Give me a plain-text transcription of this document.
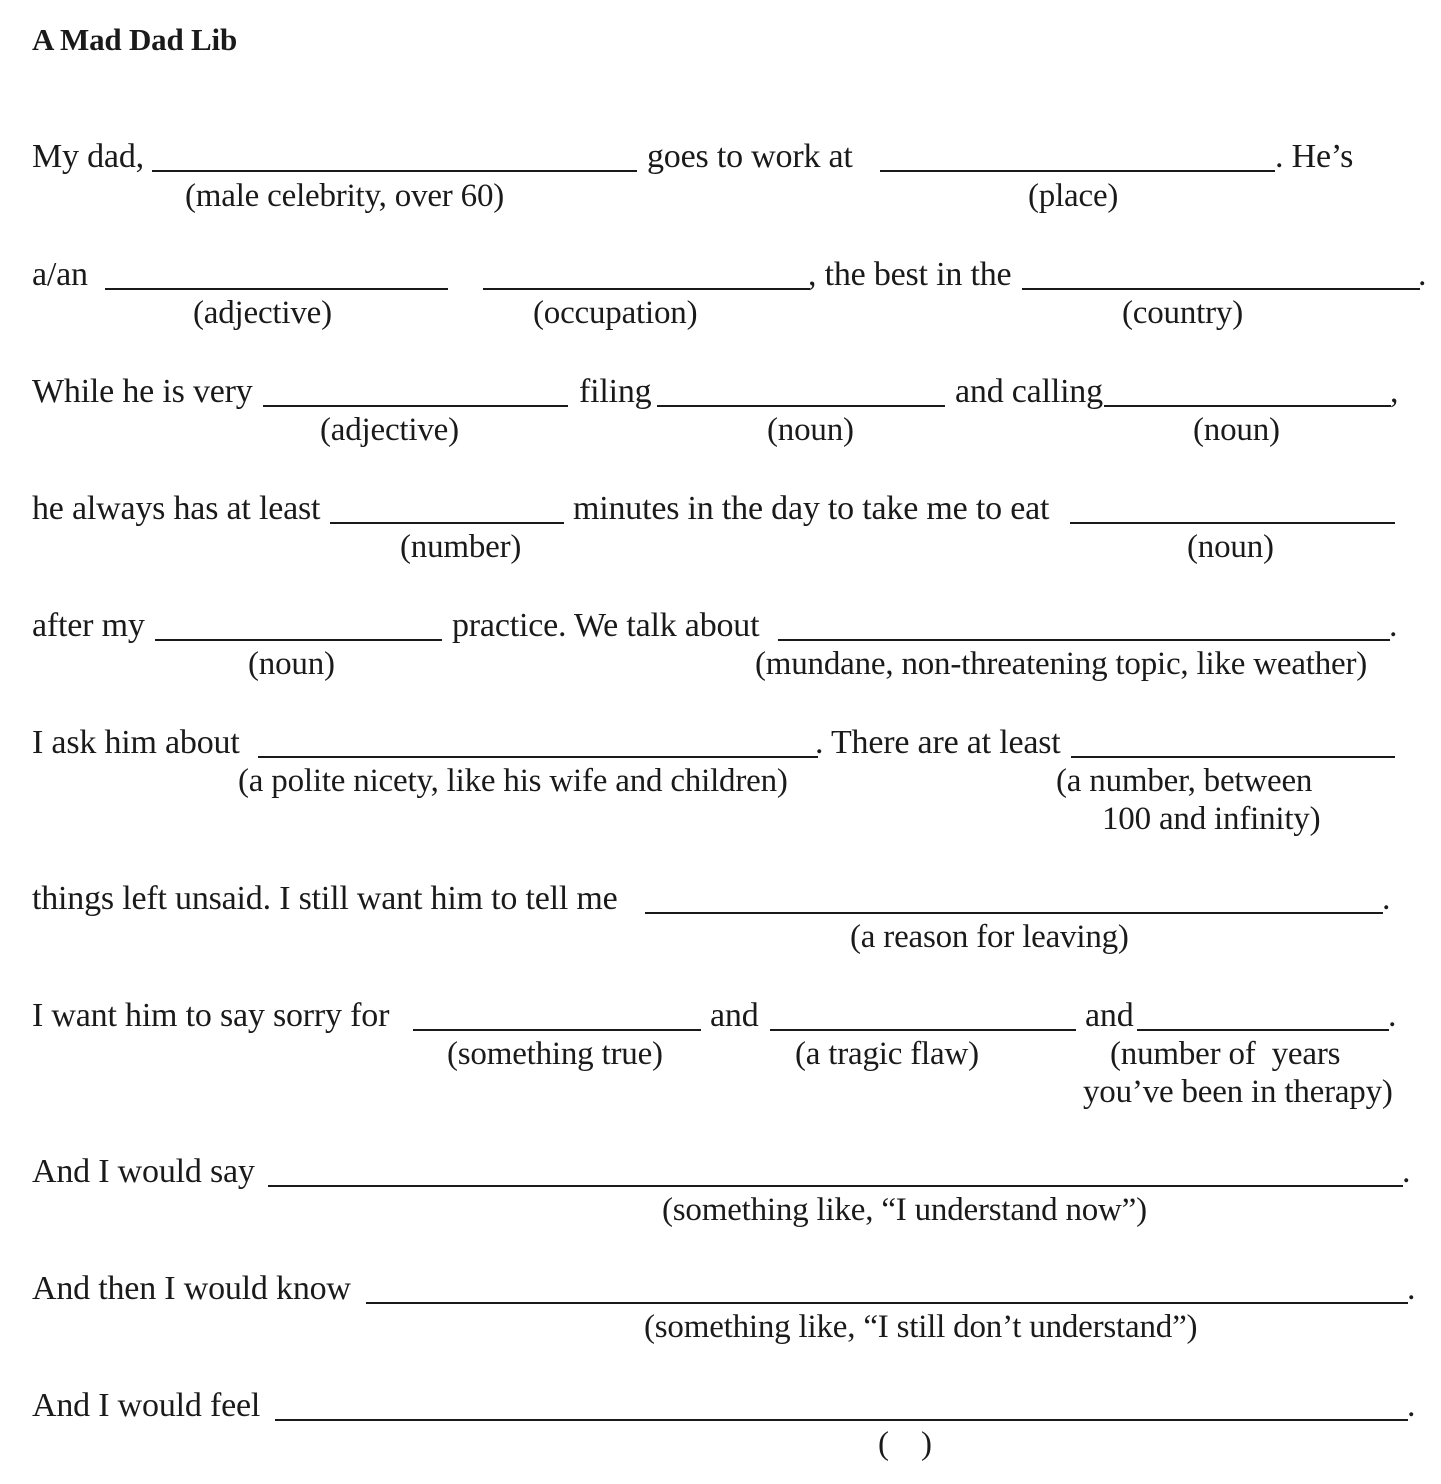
A Mad Dad Lib
My dad,	goes to work at	. He’s
(male celebrity, over 60)	(place)
a/an	, the best in the	.
(adjective)	(occupation)	(country)
While he is very	filing	and calling	,
(adjective)	(noun)	(noun)
he always has at least	minutes in the day to take me to eat
(number)	(noun)
after my	practice. We talk about	.
(noun)	(mundane, non-threatening topic, like weather)
I ask him about	. There are at least
(a polite nicety, like his wife and children)	(a number, between
100 and infinity)
things left unsaid. I still want him to tell me	.
(a reason for leaving)
I want him to say sorry for	and	and	.
(something true)	(a tragic flaw)	(number of  years
you’ve been in therapy)
And I would say	.
(something like, “I understand now”)
And then I would know	.
(something like, “I still don’t understand”)
And I would feel	.
(    )
